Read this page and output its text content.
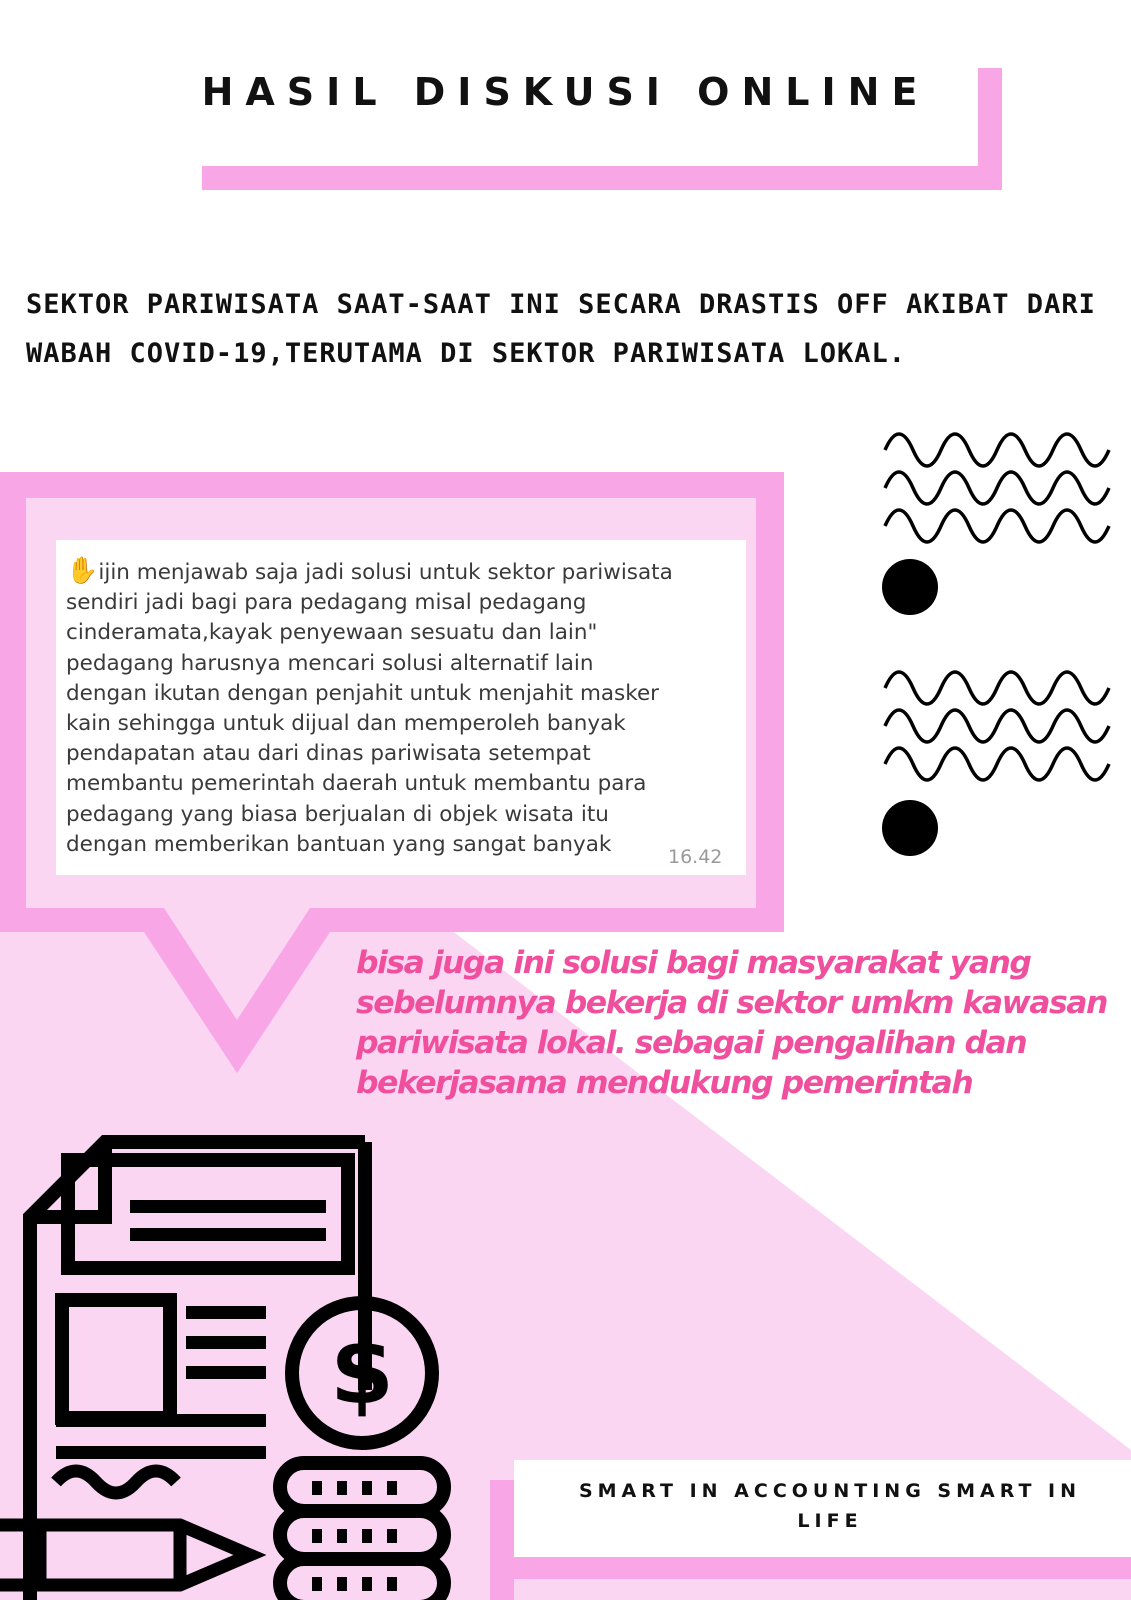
HASIL DISKUSI ONLINE
SEKTOR PARIWISATA SAAT-SAAT INI SECARA DRASTIS OFF AKIBAT DARI WABAH COVID-19,TERUTAMA DI SEKTOR PARIWISATA LOKAL.
✋ijin menjawab saja jadi solusi untuk sektor pariwisata
sendiri jadi bagi para pedagang misal pedagang
cinderamata,kayak penyewaan sesuatu dan lain"
pedagang harusnya mencari solusi alternatif lain
dengan ikutan dengan penjahit untuk menjahit masker
kain sehingga untuk dijual dan memperoleh banyak
pendapatan atau dari dinas pariwisata setempat
membantu pemerintah daerah untuk membantu para
pedagang yang biasa berjualan di objek wisata itu
dengan memberikan bantuan yang sangat banyak
16.42
bisa juga ini solusi bagi masyarakat yang sebelumnya bekerja di sektor umkm kawasan pariwisata lokal. sebagai pengalihan dan bekerjasama mendukung pemerintah
$
SMART IN ACCOUNTING SMART IN LIFE
